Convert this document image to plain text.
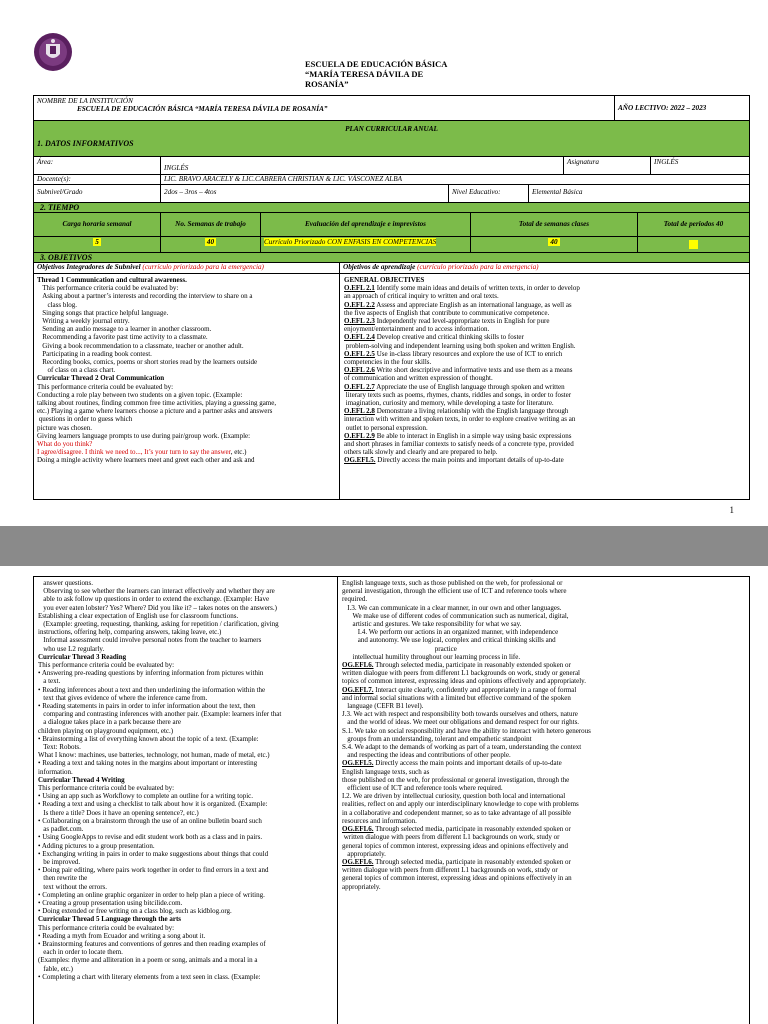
ESCUELA DE EDUCACIÓN BÁSICA
“MARÍA TERESA DÁVILA DE
ROSANÍA”
NOMBRE DE LA INSTITUCIÓN
ESCUELA DE EDUCACIÓN BÁSICA “MARÍA TERESA DÁVILA DE ROSANÍA”	AÑO LECTIVO: 2022 – 2023
PLAN CURRICULAR ANUAL
1. DATOS INFORMATIVOS
Área:
INGLÉS
Asignatura	INGLÉS
Docente(s):	LIC. BRAVO ARACELY & LIC.CABRERA CHRISTIAN & LIC. VÁSCONEZ ALBA
Subnivel/Grado	2dos – 3ros – 4tos	Nivel Educativo:	Elemental Básica
2. TIEMPO
Carga horaria semanal	No. Semanas de trabajo	Evaluación del aprendizaje e imprevistos	Total de semanas clases	Total de periodos 40
5	40	Currículo Priorizado CON ENFASIS EN COMPETENCIAS	40
3. OBJETIVOS
Objetivos Integradores de Subnivel (currículo priorizado para la emergencia)	Objetivos de aprendizaje (currículo priorizado para la emergencia)
Thread 1 Communication and cultural awareness.
This performance criteria could be evaluated by:
Asking about a partner’s interests and recording the interview to share on a
class blog.
Singing songs that practice helpful language.
Writing a weekly journal entry.
Sending an audio message to a learner in another classroom.
Recommending a favorite past time activity to a classmate.
Giving a book recommendation to a classmate, teacher or another adult.
Participating in a reading book contest.
Recording books, comics, poems or short stories read by the learners outside
of class on a class chart.
Curricular Thread 2 Oral Communication
This performance criteria could be evaluated by:
Conducting a role play between two students on a given topic. (Example:
talking about routines, finding common free time activities, playing a guessing game,
etc.) Playing a game where learners choose a picture and a partner asks and answers
questions in order to guess which
picture was chosen.
Giving learners language prompts to use during pair/group work. (Example:
What do you think?
I agree/disagree. I think we need to..., It’s your turn to say the answer, etc.)
Doing a mingle activity where learners meet and greet each other and ask and
GENERAL OBJECTIVES
O.EFL 2.1 Identify some main ideas and details of written texts, in order to develop
an approach of critical inquiry to written and oral texts.
O.EFL 2.2 Assess and appreciate English as an international language, as well as
the five aspects of English that contribute to communicative competence.
O.EFL 2.3 Independently read level-appropriate texts in English for pure
enjoyment/entertainment and to access information.
O.EFL 2.4 Develop creative and critical thinking skills to foster
problem-solving and independent learning using both spoken and written English.
O.EFL 2.5 Use in-class library resources and explore the use of ICT to enrich
competencies in the four skills.
O.EFL 2.6 Write short descriptive and informative texts and use them as a means
of communication and written expression of thought.
O.EFL 2.7 Appreciate the use of English language through spoken and written
literary texts such as poems, rhymes, chants, riddles and songs, in order to foster
imagination, curiosity and memory, while developing a taste for literature.
O.EFL 2.8 Demonstrate a living relationship with the English language through
interaction with written and spoken texts, in order to explore creative writing as an
outlet to personal expression.
O.EFL 2.9 Be able to interact in English in a simple way using basic expressions
and short phrases in familiar contexts to satisfy needs of a concrete type, provided
others talk slowly and clearly and are prepared to help.
OG.EFL5. Directly access the main points and important details of up-to-date
1
answer questions.
Observing to see whether the learners can interact effectively and whether they are
able to ask follow up questions in order to extend the exchange. (Example: Have
you ever eaten lobster? Yes? Where? Did you like it? – takes notes on the answers.)
Establishing a clear expectation of English use for classroom functions.
(Example: greeting, requesting, thanking, asking for repetition / clarification, giving
instructions, offering help, comparing answers, taking leave, etc.)
Informal assessment could involve personal notes from the teacher to learners
who use L2 regularly.
Curricular Thread 3 Reading
This performance criteria could be evaluated by:
• Answering pre-reading questions by inferring information from pictures within
a text.
• Reading inferences about a text and then underlining the information within the
text that gives evidence of where the inference came from.
• Reading statements in pairs in order to infer information about the text, then
comparing and contrasting inferences with another pair. (Example: learners infer that
a dialogue takes place in a park because there are
children playing on playground equipment, etc.)
• Brainstorming a list of everything known about the topic of a text. (Example:
Text: Robots.
What I know: machines, use batteries, technology, not human, made of metal, etc.)
• Reading a text and taking notes in the margins about important or interesting
information.
Curricular Thread 4 Writing
This performance criteria could be evaluated by:
• Using an app such as Workflowy to complete an outline for a writing topic.
• Reading a text and using a checklist to talk about how it is organized. (Example:
Is there a title? Does it have an opening sentence?, etc.)
• Collaborating on a brainstorm through the use of an online bulletin board such
as padlet.com.
• Using GoogleApps to revise and edit student work both as a class and in pairs.
• Adding pictures to a group presentation.
• Exchanging writing in pairs in order to make suggestions about things that could
be improved.
• Doing pair editing, where pairs work together in order to find errors in a text and
then rewrite the
text without the errors.
• Completing an online graphic organizer in order to help plan a piece of writing.
• Creating a group presentation using bitcilide.com.
• Doing extended or free writing on a class blog, such as kidblog.org.
Curricular Thread 5 Language through the arts
This performance criteria could be evaluated by:
• Reading a myth from Ecuador and writing a song about it.
• Brainstorming features and conventions of genres and then reading examples of
each in order to locate them.
(Examples: rhyme and alliteration in a poem or song, animals and a moral in a
fable, etc.)
• Completing a chart with literary elements from a text seen in class. (Example:
English language texts, such as those published on the web, for professional or
general investigation, through the efficient use of ICT and reference tools where
required.
I.3. We can communicate in a clear manner, in our own and other languages.
We make use of different codes of communication such as numerical, digital,
artistic and gestures. We take responsibility for what we say.
I.4. We perform our actions in an organized manner, with independence
and autonomy. We use logical, complex and critical thinking skills and
practice
intellectual humility throughout our learning process in life.
OG.EFL6. Through selected media, participate in reasonably extended spoken or
written dialogue with peers from different L1 backgrounds on work, study or general
topics of common interest, expressing ideas and opinions effectively and appropriately.
OG.EFL7. Interact quite clearly, confidently and appropriately in a range of formal
and informal social situations with a limited but effective command of the spoken
language (CEFR B1 level).
J.3. We act with respect and responsibility both towards ourselves and others, nature
and the world of ideas. We meet our obligations and demand respect for our rights.
S.1. We take on social responsibility and have the ability to interact with hetero generous
groups from an understanding, tolerant and empathetic standpoint
S.4. We adapt to the demands of working as part of a team, understanding the context
and respecting the ideas and contributions of other people.
OG.EFL5. Directly access the main points and important details of up-to-date
English language texts, such as
those published on the web, for professional or general investigation, through the
efficient use of ICT and reference tools where required.
I.2. We are driven by intellectual curiosity, question both local and international
realities, reflect on and apply our interdisciplinary knowledge to cope with problems
in a collaborative and codependent manner, so as to take advantage of all possible
resources and information.
OG.EFL6. Through selected media, participate in reasonably extended spoken or
written dialogue with peers from different L1 backgrounds on work, study or
general topics of common interest, expressing ideas and opinions effectively and
appropriately.
OG.EFL6. Through selected media, participate in reasonably extended spoken or
written dialogue with peers from different L1 backgrounds on work, study or
general topics of common interest, expressing ideas and opinions effectively in an
appropriately.
